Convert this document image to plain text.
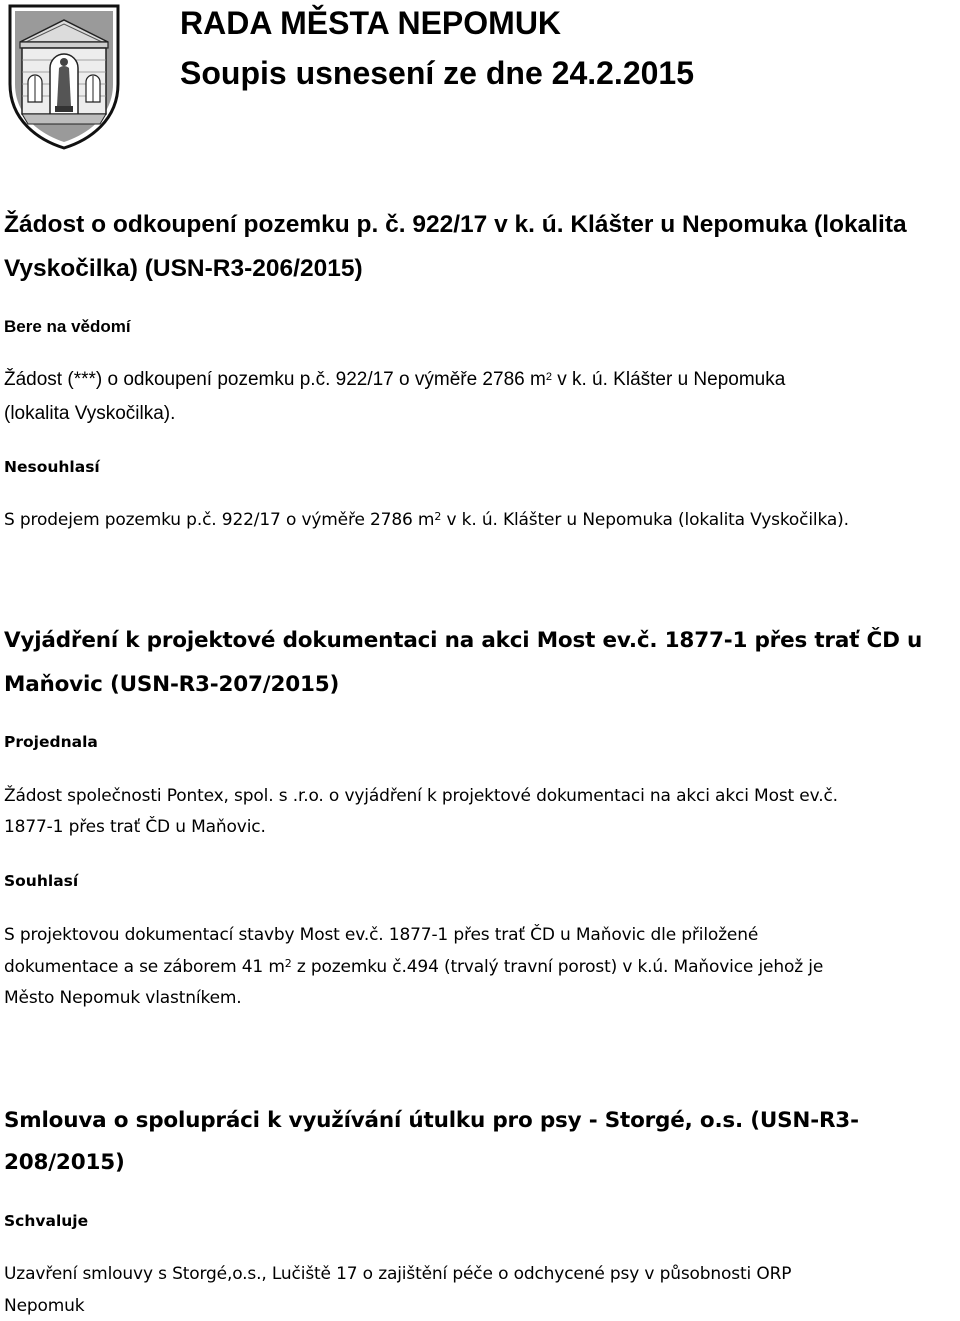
RADA MĚSTA NEPOMUK
Soupis usnesení ze dne 24.2.2015
Žádost o odkoupení pozemku p. č. 922/17 v k. ú. Klášter u Nepomuka (lokalita
Vyskočilka) (USN-R3-206/2015)
Bere na vědomí
Žádost (***) o odkoupení pozemku p.č. 922/17 o výměře 2786 $m^2$ v k. ú. Klášter u Nepomuka
(lokalita Vyskočilka).
Nesouhlasí
S prodejem pozemku p.č. 922/17 o výměře 2786 $m^2$ v k. ú. Klášter u Nepomuka (lokalita Vyskočilka).
Vyjádření k projektové dokumentaci na akci Most ev.č. 1877-1 přes trať ČD u
Maňovic (USN-R3-207/2015)
Projednala
Žádost společnosti Pontex, spol. s .r.o. o vyjádření k projektové dokumentaci na akci akci Most ev.č.
1877-1 přes trať ČD u Maňovic.
Souhlasí
S projektovou dokumentací stavby Most ev.č. 1877-1 přes trať ČD u Maňovic dle přiložené
dokumentace a se záborem 41 $m^2$ z pozemku č.494 (trvalý travní porost) v k.ú. Maňovice jehož je
Město Nepomuk vlastníkem.
Smlouva o spolupráci k využívání útulku pro psy - Storgé, o.s. (USN-R3-
208/2015)
Schvaluje
Uzavření smlouvy s Storgé,o.s., Lučiště 17 o zajištění péče o odchycené psy v působnosti ORP
Nepomuk
